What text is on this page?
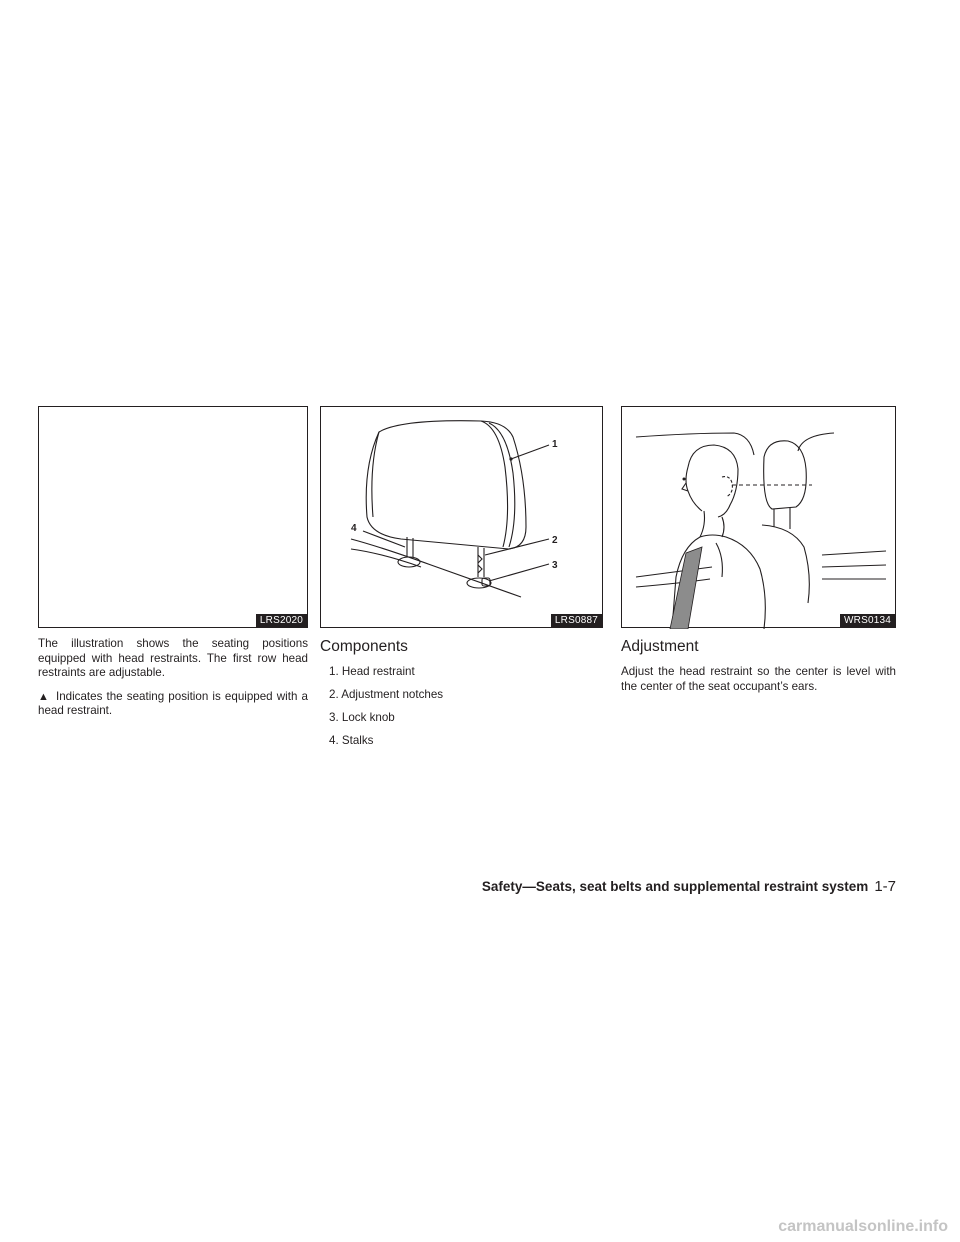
LRS2020

The illustration shows the seating positions equipped with head restraints. The first row head restraints are adjustable.

▲ Indicates the seating position is equipped with a head restraint.

1
2
3
4
LRS0887
Components
1. Head restraint
2. Adjustment notches
3. Lock knob
4. Stalks
WRS0134
Adjustment

Adjust the head restraint so the center is level with the center of the seat occupant’s ears.

Safety—Seats, seat belts and supplemental restraint system 1-7
carmanualsonline.info
